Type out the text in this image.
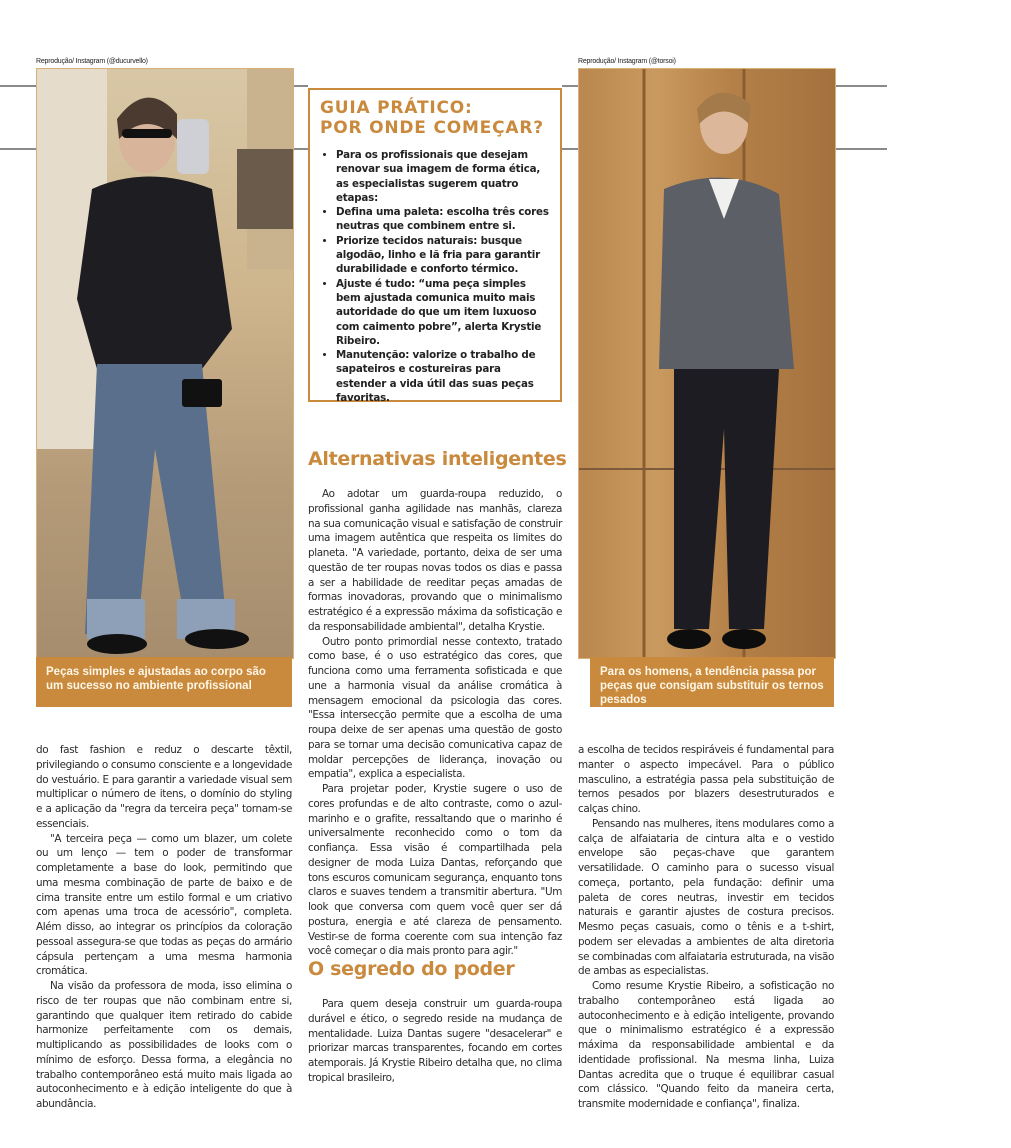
Reprodução/ Instagram (@ducurvello)
Peças simples e ajustadas ao corpo são um sucesso no ambiente profissional
Reprodução/ Instagram (@torsoi)
Para os homens, a tendência passa por peças que consigam substituir os ternos pesados
GUIA PRÁTICO:
POR ONDE COMEÇAR?
• Para os profissionais que desejam renovar sua imagem de forma ética, as especialistas sugerem quatro etapas:
• Defina uma paleta: escolha três cores neutras que combinem entre si.
• Priorize tecidos naturais: busque algodão, linho e lã fria para garantir durabilidade e conforto térmico.
• Ajuste é tudo: “uma peça simples bem ajustada comunica muito mais autoridade do que um item luxuoso com caimento pobre”, alerta Krystie Ribeiro.
• Manutenção: valorize o trabalho de sapateiros e costureiras para estender a vida útil das suas peças favoritas.
Alternativas inteligentes

Ao adotar um guarda-roupa reduzido, o profissional ganha agilidade nas manhãs, clareza na sua comunicação visual e satisfação de construir uma imagem autêntica que respeita os limites do planeta. "A variedade, portanto, deixa de ser uma questão de ter roupas novas todos os dias e passa a ser a habilidade de reeditar peças amadas de formas inovadoras, provando que o minimalismo estratégico é a expressão máxima da sofisticação e da responsabilidade ambiental", detalha Krystie.

Outro ponto primordial nesse contexto, tratado como base, é o uso estratégico das cores, que funciona como uma ferramenta sofisticada e que une a harmonia visual da análise cromática à mensagem emocional da psicologia das cores. "Essa intersecção permite que a escolha de uma roupa deixe de ser apenas uma questão de gosto para se tornar uma decisão comunicativa capaz de moldar percepções de liderança, inovação ou empatia", explica a especialista.

Para projetar poder, Krystie sugere o uso de cores profundas e de alto contraste, como o azul-marinho e o grafite, ressaltando que o marinho é universalmente reconhecido como o tom da confiança. Essa visão é compartilhada pela designer de moda Luiza Dantas, reforçando que tons escuros comunicam segurança, enquanto tons claros e suaves tendem a transmitir abertura. "Um look que conversa com quem você quer ser dá postura, energia e até clareza de pensamento. Vestir-se de forma coerente com sua intenção faz você começar o dia mais pronto para agir."

O segredo do poder

Para quem deseja construir um guarda-roupa durável e ético, o segredo reside na mudança de mentalidade. Luiza Dantas sugere "desacelerar" e priorizar marcas transparentes, focando em cortes atemporais. Já Krystie Ribeiro detalha que, no clima tropical brasileiro,

do fast fashion e reduz o descarte têxtil, privilegiando o consumo consciente e a longevidade do vestuário. E para garantir a variedade visual sem multiplicar o número de itens, o domínio do styling e a aplicação da "regra da terceira peça" tornam-se essenciais.

"A terceira peça — como um blazer, um colete ou um lenço — tem o poder de transformar completamente a base do look, permitindo que uma mesma combinação de parte de baixo e de cima transite entre um estilo formal e um criativo com apenas uma troca de acessório", completa. Além disso, ao integrar os princípios da coloração pessoal assegura-se que todas as peças do armário cápsula pertençam a uma mesma harmonia cromática.

Na visão da professora de moda, isso elimina o risco de ter roupas que não combinam entre si, garantindo que qualquer item retirado do cabide harmonize perfeitamente com os demais, multiplicando as possibilidades de looks com o mínimo de esforço. Dessa forma, a elegância no trabalho contemporâneo está muito mais ligada ao autoconhecimento e à edição inteligente do que à abundância.

a escolha de tecidos respiráveis é fundamental para manter o aspecto impecável. Para o público masculino, a estratégia passa pela substituição de ternos pesados por blazers desestruturados e calças chino.

Pensando nas mulheres, itens modulares como a calça de alfaiataria de cintura alta e o vestido envelope são peças-chave que garantem versatilidade. O caminho para o sucesso visual começa, portanto, pela fundação: definir uma paleta de cores neutras, investir em tecidos naturais e garantir ajustes de costura precisos. Mesmo peças casuais, como o tênis e a t-shirt, podem ser elevadas a ambientes de alta diretoria se combinadas com alfaiataria estruturada, na visão de ambas as especialistas.

Como resume Krystie Ribeiro, a sofisticação no trabalho contemporâneo está ligada ao autoconhecimento e à edição inteligente, provando que o minimalismo estratégico é a expressão máxima da responsabilidade ambiental e da identidade profissional. Na mesma linha, Luiza Dantas acredita que o truque é equilibrar casual com clássico. "Quando feito da maneira certa, transmite modernidade e confiança", finaliza.
